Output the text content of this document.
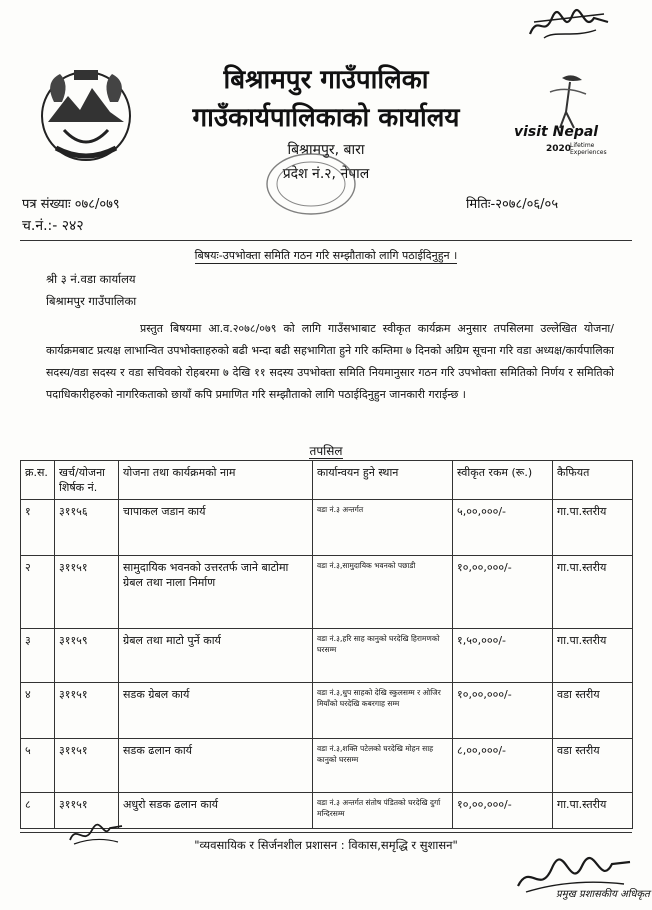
बिश्रामपुर गाउँपालिका
गाउँकार्यपालिकाको कार्यालय
बिश्रामपुर, बारा
प्रदेश नं.२, नेपाल
visit Nepal
2020
Lifetime Experiences
पत्र संख्याः ०७८/०७९
च.नं.:- २४२
मितिः-२०७८/०६/०५
बिषयः-उपभोक्ता समिति गठन गरि सम्झौताको लागि पठाईदिनुहुन ।
श्री ३ नं.वडा कार्यालय
बिश्रामपुर गाउँपालिका
प्रस्तुत बिषयमा आ.व.२०७८/०७९ को लागि गाउँसभाबाट स्वीकृत कार्यक्रम अनुसार तपसिलमा उल्लेखित योजना/कार्यक्रमबाट प्रत्यक्ष लाभान्वित उपभोक्ताहरुको बढी भन्दा बढी सहभागिता हुने गरि कम्तिमा ७ दिनको अग्रिम सूचना गरि वडा अध्यक्ष/कार्यपालिका सदस्य/वडा सदस्य र वडा सचिवको रोहबरमा ७ देखि ११ सदस्य उपभोक्ता समिति नियमानुसार गठन गरि उपभोक्ता समितिको निर्णय र समितिको पदाधिकारीहरुको नागरिकताको छायाँ कपि प्रमाणित गरि सम्झौताको लागि पठाईदिनुहुन जानकारी गराईन्छ ।
तपसिल
क्र.स.	खर्च/योजना शिर्षक नं.	योजना तथा कार्यक्रमको नाम	कार्यान्वयन हुने स्थान	स्वीकृत रकम (रू.)	कैफियत
१	३११५६	चापाकल जडान कार्य	वडा नं.३ अन्तर्गत	५,००,०००/-	गा.पा.स्तरीय
२	३११५१	सामुदायिक भवनको उत्तरतर्फ जाने बाटोमा ग्रेबल तथा नाला निर्माण	वडा नं.३,सामुदायिक भवनको पछाडी	१०,००,०००/-	गा.पा.स्तरीय
३	३११५९	ग्रेबल तथा माटो पुर्ने कार्य	वडा नं.३,हरि साह कानुको घरदेखि हिरामणको घरसम्म	१,५०,०००/-	गा.पा.स्तरीय
४	३११५१	सडक ग्रेबल कार्य	वडा नं.३,धुप साहको देखि स्कुलसम्म र ओजिर मियाँको घरदेखि कबरगाह सम्म	१०,००,०००/-	वडा स्तरीय
५	३११५१	सडक ढलान कार्य	वडा नं.३,शक्ति पटेलको घरदेखि मोहन साह कानुको घरसम्म	८,००,०००/-	वडा स्तरीय
८	३११५१	अधुरो सडक ढलान कार्य	वडा नं.३ अन्तर्गत संतोष पंडितको घरदेखि दुर्गा मन्दिरसम्म	१०,००,०००/-	गा.पा.स्तरीय
"व्यवसायिक र सिर्जनशील प्रशासन : विकास,समृद्धि र सुशासन"
प्रमुख प्रशासकीय अधिकृत
